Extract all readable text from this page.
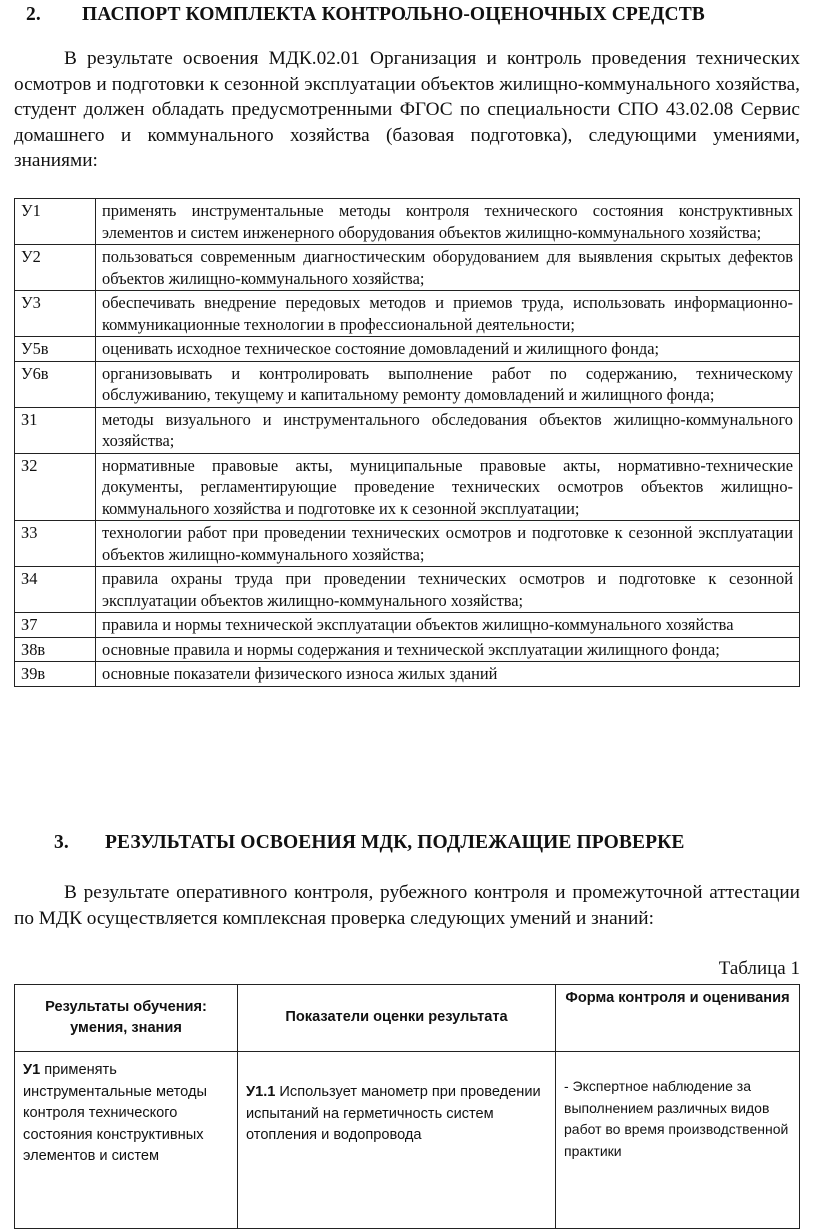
2. ПАСПОРТ КОМПЛЕКТА КОНТРОЛЬНО-ОЦЕНОЧНЫХ СРЕДСТВ
В результате освоения МДК.02.01 Организация и контроль проведения технических осмотров и подготовки к сезонной эксплуатации объектов жилищно-коммунального хозяйства, студент должен обладать предусмотренными ФГОС по специальности СПО 43.02.08 Сервис домашнего и коммунального хозяйства (базовая подготовка), следующими умениями, знаниями:
У1	применять инструментальные методы контроля технического состояния конструктивных элементов и систем инженерного оборудования объектов жилищно-коммунального хозяйства;
У2	пользоваться современным диагностическим оборудованием для выявления скрытых дефектов объектов жилищно-коммунального хозяйства;
У3	обеспечивать внедрение передовых методов и приемов труда, использовать информационно-коммуникационные технологии в профессиональной деятельности;
У5в	оценивать исходное техническое состояние домовладений и жилищного фонда;
У6в	организовывать и контролировать выполнение работ по содержанию, техническому обслуживанию, текущему и капитальному ремонту домовладений и жилищного фонда;
З1	методы визуального и инструментального обследования объектов жилищно-коммунального хозяйства;
З2	нормативные правовые акты, муниципальные правовые акты, нормативно-технические документы, регламентирующие проведение технических осмотров объектов жилищно-коммунального хозяйства и подготовке их к сезонной эксплуатации;
З3	технологии работ при проведении технических осмотров и подготовке к сезонной эксплуатации объектов жилищно-коммунального хозяйства;
З4	правила охраны труда при проведении технических осмотров и подготовке к сезонной эксплуатации объектов жилищно-коммунального хозяйства;
З7	правила и нормы технической эксплуатации объектов жилищно-коммунального хозяйства
З8в	основные правила и нормы содержания и технической эксплуатации жилищного фонда;
З9в	основные показатели физического износа жилых зданий
3. РЕЗУЛЬТАТЫ ОСВОЕНИЯ МДК, ПОДЛЕЖАЩИЕ ПРОВЕРКЕ
В результате оперативного контроля, рубежного контроля и промежуточной аттестации по МДК осуществляется комплексная проверка следующих умений и знаний:
Таблица 1
Результаты обучения: умения, знания	Показатели оценки результата	Форма контроля и оценивания
У1 применять инструментальные методы контроля технического состояния конструктивных элементов и систем	У1.1 Использует манометр при проведении испытаний на герметичность систем отопления и водопровода	- Экспертное наблюдение за выполнением различных видов работ во время производственной практики
